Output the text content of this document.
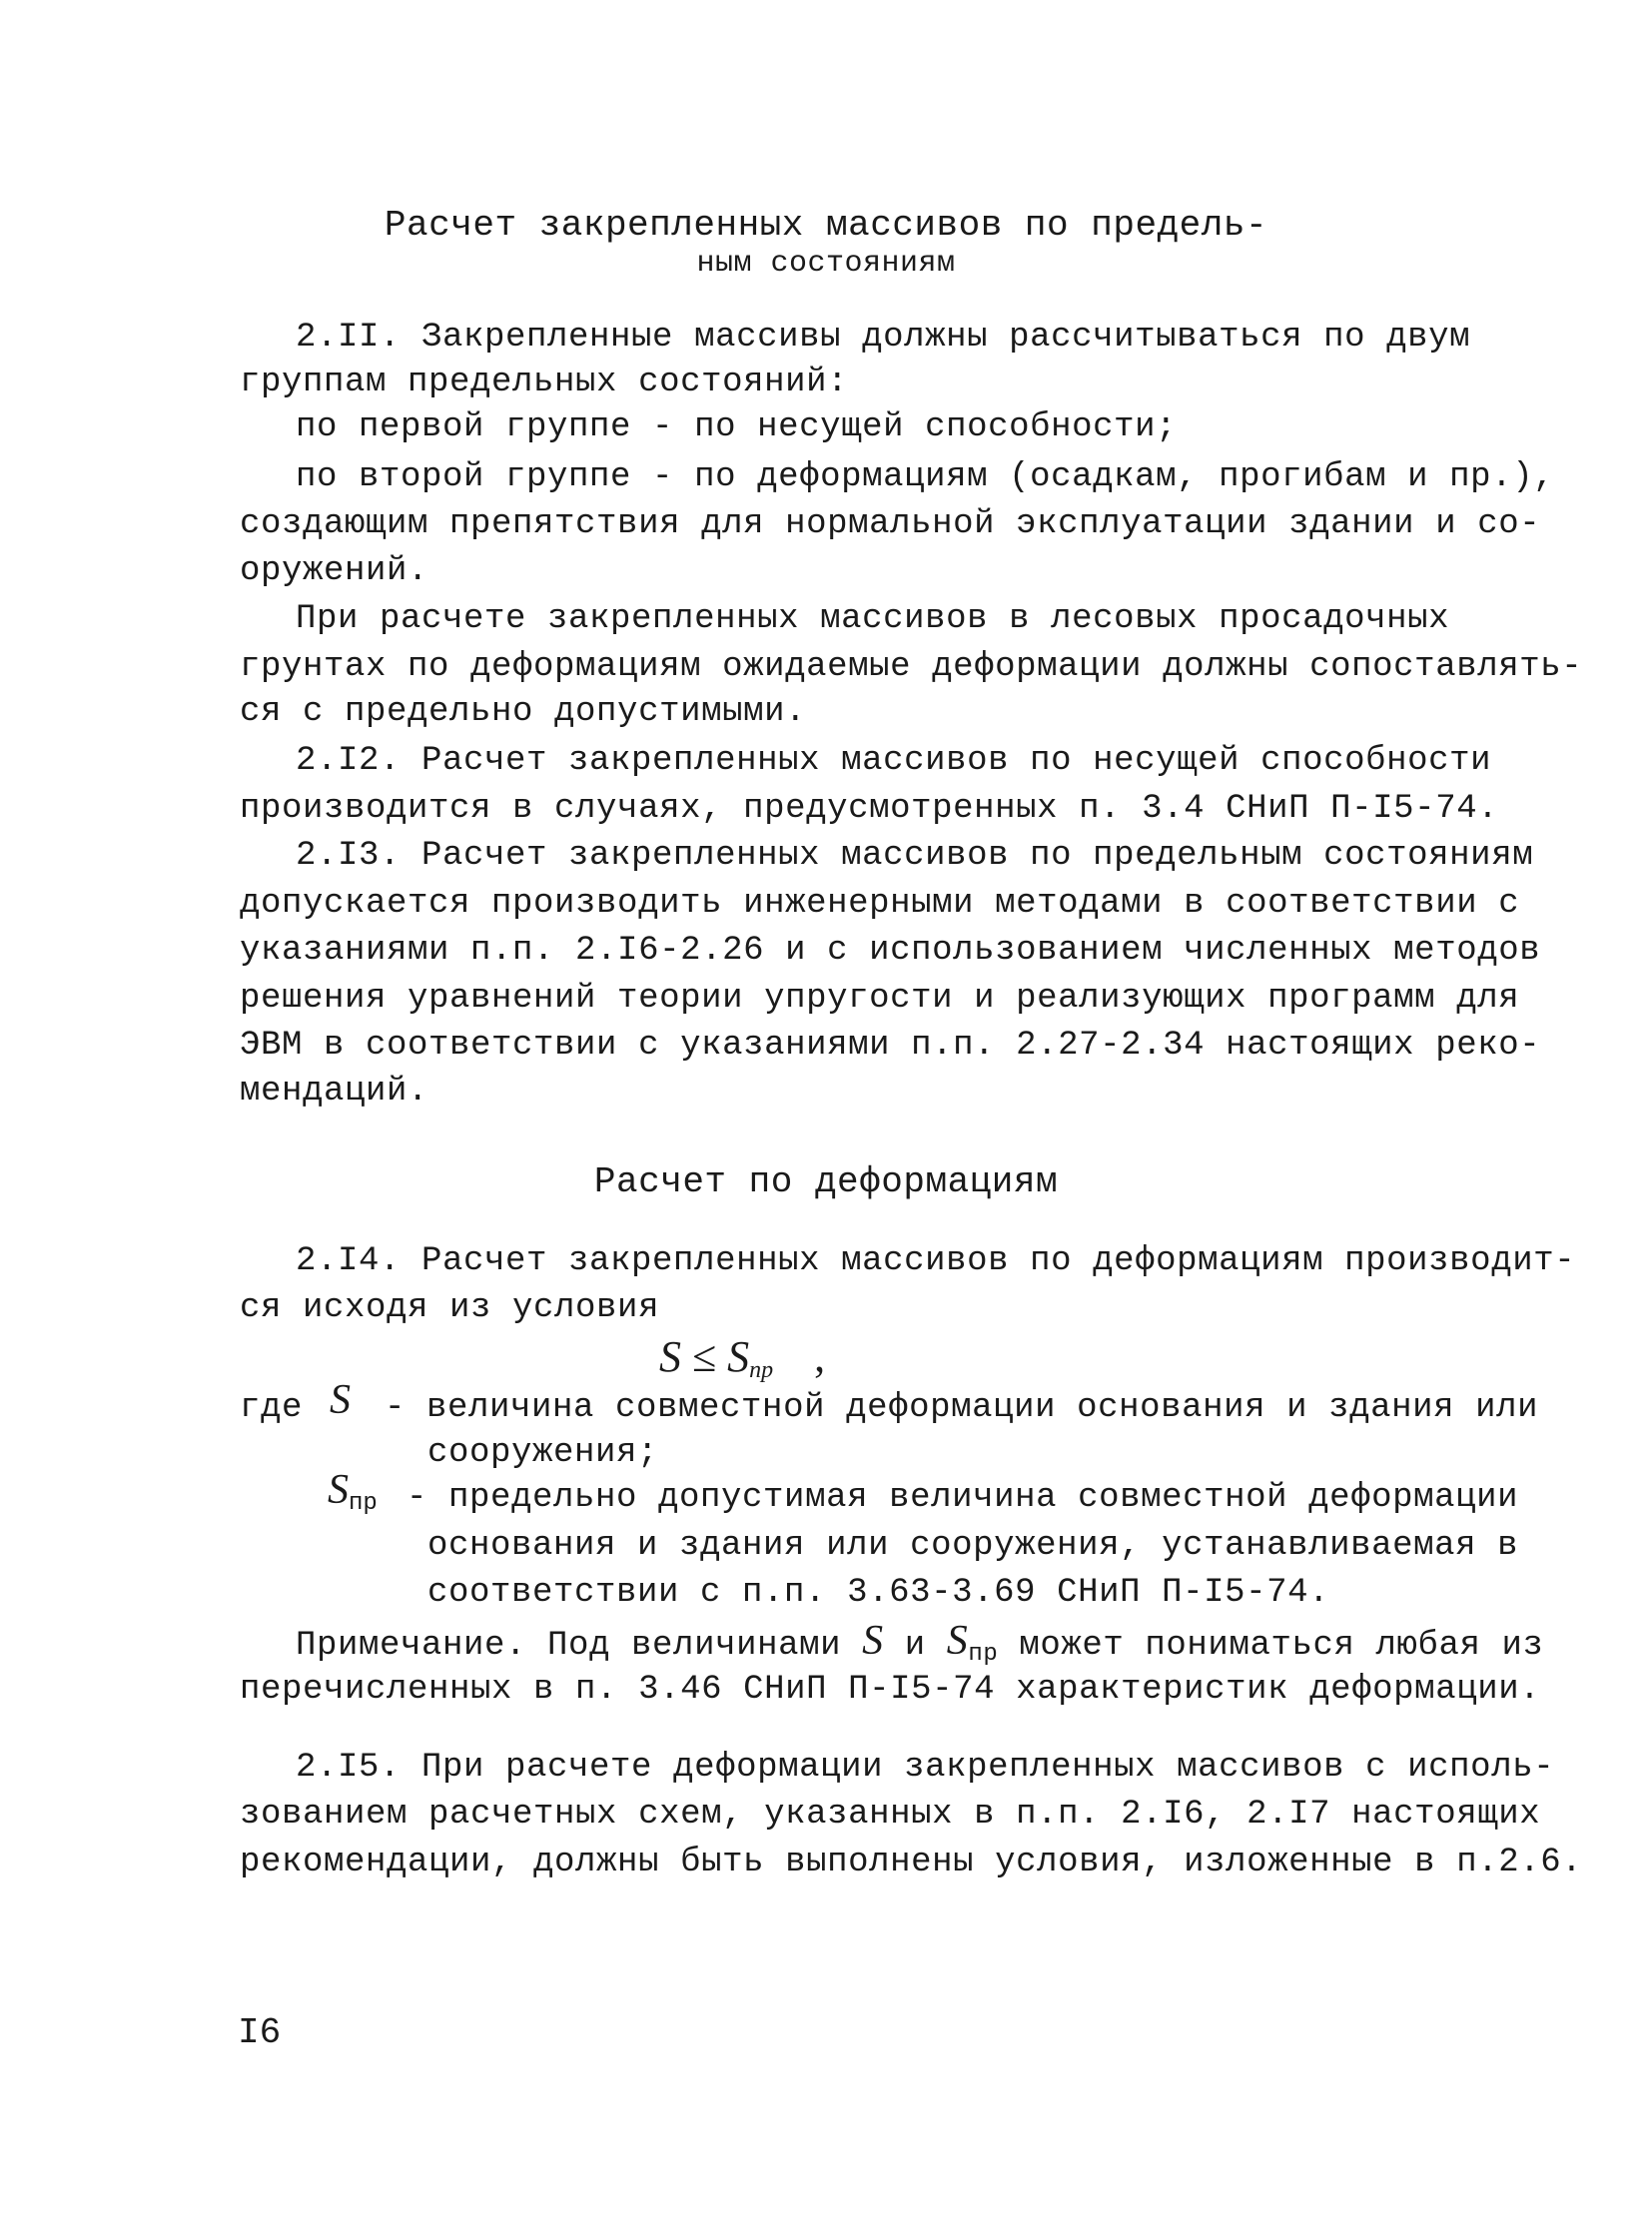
Расчет закрепленных массивов по предель-
ным состояниям
2.II. Закрепленные массивы должны рассчитываться по двум
группам предельных состояний:
по первой группе - по несущей способности;
по второй группе - по деформациям (осадкам, прогибам и пр.),
создающим препятствия для нормальной эксплуатации здании и со-
оружений.
При расчете закрепленных массивов в лесовых просадочных
грунтах по деформациям ожидаемые деформации должны сопоставлять-
ся с предельно допустимыми.
2.I2. Расчет закрепленных массивов по несущей способности
производится в случаях, предусмотренных п. 3.4 СНиП П-I5-74.
2.I3. Расчет закрепленных массивов по предельным состояниям
допускается производить инженерными методами в соответствии с
указаниями п.п. 2.I6-2.26 и с использованием численных методов
решения уравнений теории упругости и реализующих программ для
ЭВМ в соответствии с указаниями п.п. 2.27-2.34 настоящих реко-
мендаций.
Расчет по деформациям
2.I4. Расчет закрепленных массивов по деформациям производит-
ся исходя из условия
$S \le S_{пр}$ ,
где S - величина совместной деформации основания и здания или
сооружения;
Sпр - предельно допустимая величина совместной деформации
основания и здания или сооружения, устанавливаемая в
соответствии с п.п. 3.63-3.69 СНиП П-I5-74.
Примечание. Под величинами S и $S_{пр}$ может пониматься любая из
перечисленных в п. 3.46 СНиП П-I5-74 характеристик деформации.
2.I5. При расчете деформации закрепленных массивов с исполь-
зованием расчетных схем, указанных в п.п. 2.I6, 2.I7 настоящих
рекомендации, должны быть выполнены условия, изложенные в п.2.6.
I6
